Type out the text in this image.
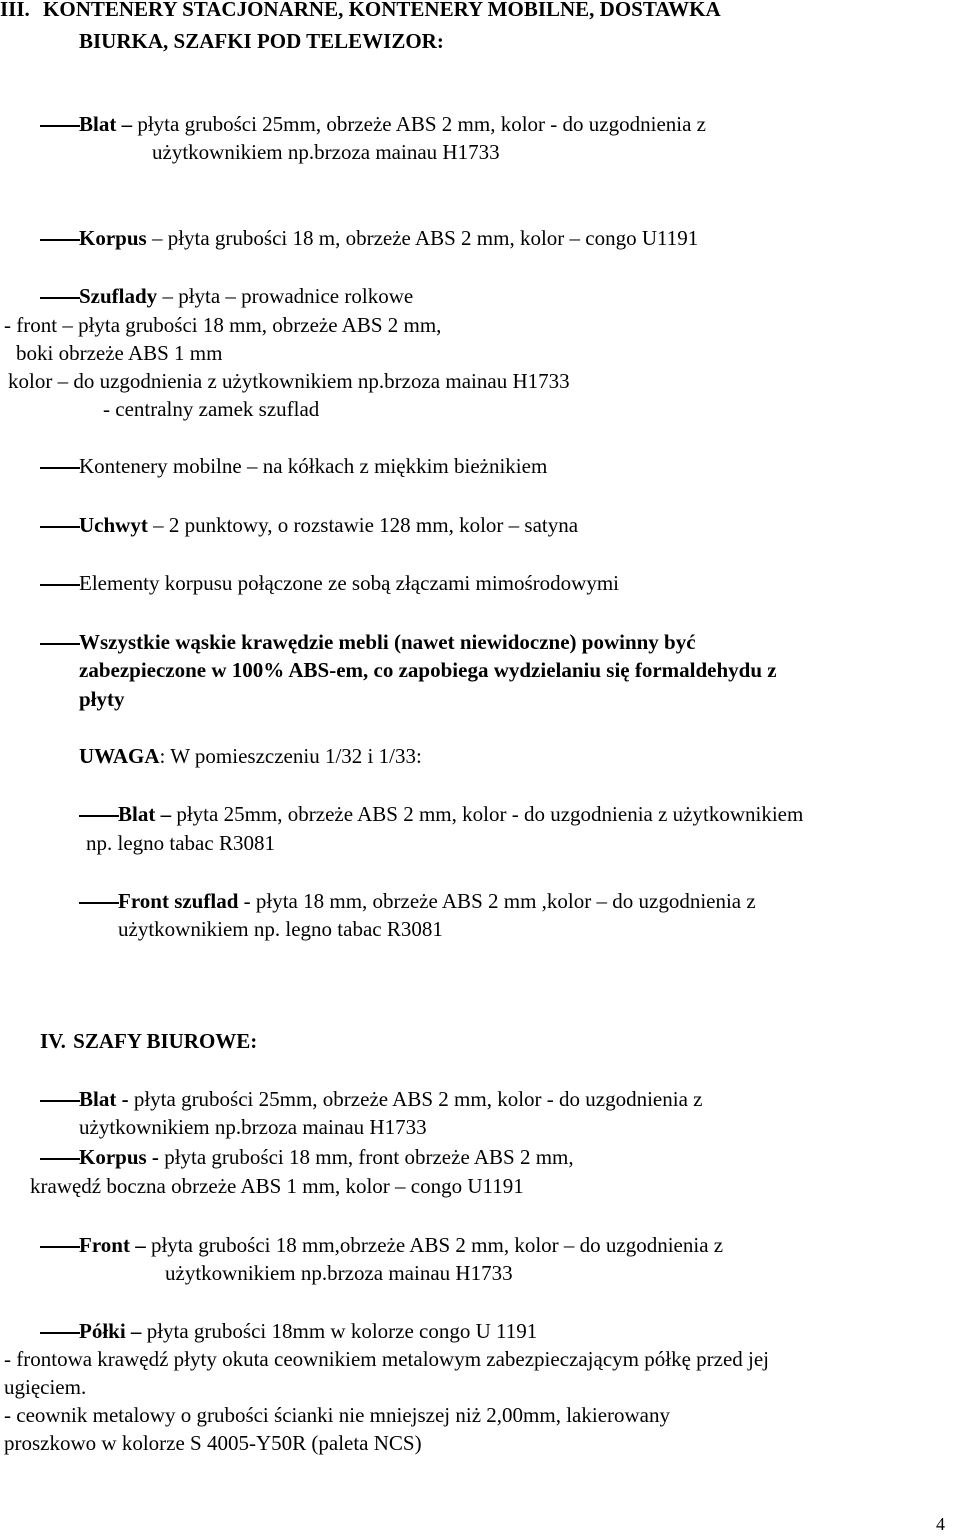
III. KONTENERY STACJONARNE, KONTENERY MOBILNE, DOSTAWKA
BIURKA, SZAFKI POD TELEWIZOR:
Blat – płyta grubości 25mm, obrzeże ABS 2 mm, kolor - do uzgodnienia z
użytkownikiem np.brzoza mainau H1733
Korpus – płyta grubości 18 m, obrzeże ABS 2 mm, kolor – congo U1191
Szuflady – płyta – prowadnice rolkowe
- front – płyta grubości 18 mm, obrzeże ABS 2 mm,
boki obrzeże ABS 1 mm
kolor – do uzgodnienia z użytkownikiem np.brzoza mainau H1733
- centralny zamek szuflad
Kontenery mobilne – na kółkach z miękkim bieżnikiem
Uchwyt – 2 punktowy, o rozstawie 128 mm, kolor – satyna
Elementy korpusu połączone ze sobą złączami mimośrodowymi
Wszystkie wąskie krawędzie mebli (nawet niewidoczne) powinny być
zabezpieczone w 100% ABS-em, co zapobiega wydzielaniu się formaldehydu z
płyty
UWAGA: W pomieszczeniu 1/32 i 1/33:
Blat – płyta 25mm, obrzeże ABS 2 mm, kolor - do uzgodnienia z użytkownikiem
np. legno tabac R3081
Front szuflad - płyta 18 mm, obrzeże ABS 2 mm ,kolor – do uzgodnienia z
użytkownikiem np. legno tabac R3081
IV. SZAFY BIUROWE:
Blat - płyta grubości 25mm, obrzeże ABS 2 mm, kolor - do uzgodnienia z
użytkownikiem np.brzoza mainau H1733
Korpus - płyta grubości 18 mm, front obrzeże ABS 2 mm,
krawędź boczna obrzeże ABS 1 mm, kolor – congo U1191
Front – płyta grubości 18 mm,obrzeże ABS 2 mm, kolor – do uzgodnienia z
użytkownikiem np.brzoza mainau H1733
Półki – płyta grubości 18mm w kolorze congo U 1191
- frontowa krawędź płyty okuta ceownikiem metalowym zabezpieczającym półkę przed jej
ugięciem.
- ceownik metalowy o grubości ścianki nie mniejszej niż 2,00mm, lakierowany
proszkowo w kolorze S 4005-Y50R (paleta NCS)
4
